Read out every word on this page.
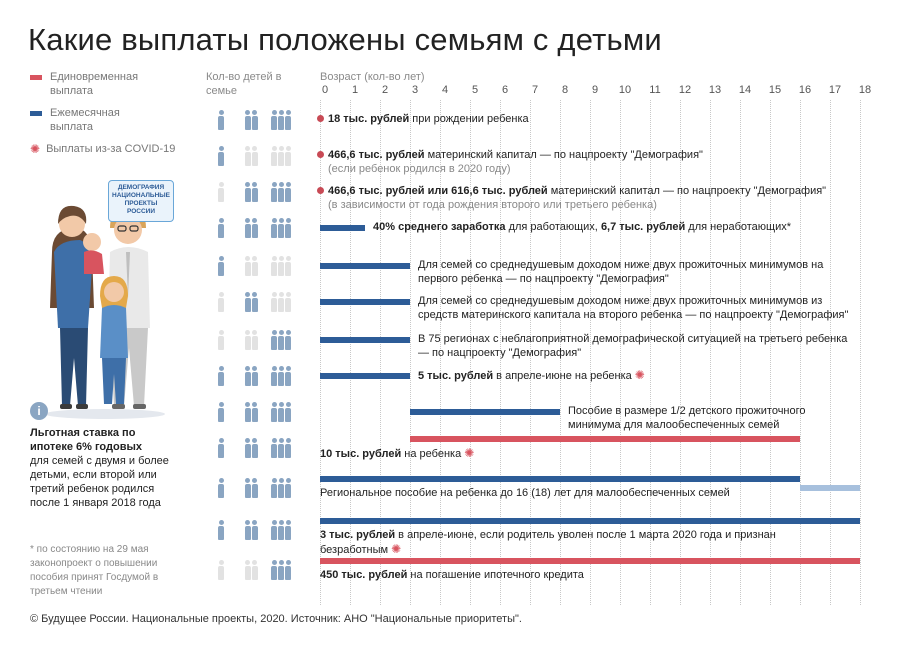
Какие выплаты положены семьям с детьми
Единовременная выплата
Ежемесячная выплата
✺ Выплаты из-за COVID-19
Кол-во детей в семье
Возраст (кол-во лет)
ДЕМОГРАФИЯ
НАЦИОНАЛЬНЫЕ
ПРОЕКТЫ
РОССИИ
i
Льготная ставка по ипотеке 6% годовых
для семей с двумя и более детьми, если второй или третий ребенок родился после 1 января 2018 года
* по состоянию на 29 мая законопроект о повышении пособия принят Госдумой в третьем чтении
© Будущее России. Национальные проекты, 2020. Источник: АНО "Национальные приоритеты".
0	1	2	3	4	5	6	7	8	9	10	11	12	13	14	15	16	17	18
18 тыс. рублей при рождении ребенка
466,6 тыс. рублей материнский капитал — по нацпроекту "Демография"
(если ребенок родился в 2020 году)
466,6 тыс. рублей или 616,6 тыс. рублей материнский капитал — по нацпроекту "Демография"
(в зависимости от года рождения второго или третьего ребенка)
40% среднего заработка для работающих, 6,7 тыс. рублей для неработающих*
Для семей со среднедушевым доходом ниже двух прожиточных минимумов на первого ребенка — по нацпроекту "Демография"
Для семей со среднедушевым доходом ниже двух прожиточных минимумов из средств материнского капитала на второго ребенка — по нацпроекту "Демография"
В 75 регионах с неблагоприятной демографической ситуацией на третьего ребенка — по нацпроекту "Демография"
5 тыс. рублей в апреле-июне на ребенка ✺
Пособие в размере 1/2 детского прожиточного минимума для малообеспеченных семей
10 тыс. рублей на ребенка ✺
Региональное пособие на ребенка до 16 (18) лет для малообеспеченных семей
3 тыс. рублей в апреле-июне, если родитель уволен после 1 марта 2020 года и признан безработным ✺
450 тыс. рублей на погашение ипотечного кредита
